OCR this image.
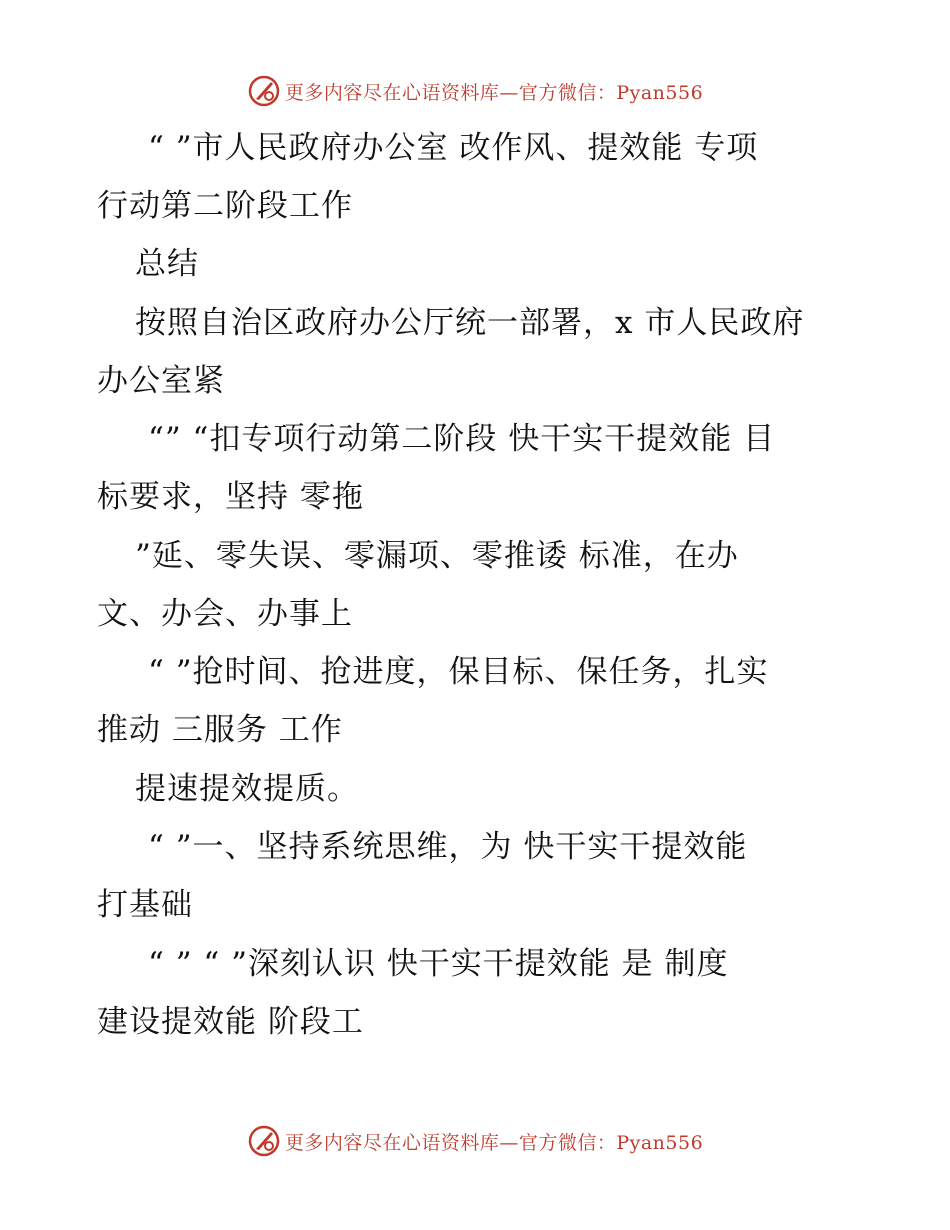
更多内容尽在心语资料库—官方微信：Pyan556
“ ”市人民政府办公室 改作风、提效能 专项
行动第二阶段工作
总结
按照自治区政府办公厅统一部署，x 市人民政府
办公室紧
“” “扣专项行动第二阶段 快干实干提效能 目
标要求，坚持 零拖
”延、零失误、零漏项、零推诿 标准，在办
文、办会、办事上
“ ”抢时间、抢进度，保目标、保任务，扎实
推动 三服务 工作
提速提效提质。
“ ”一、坚持系统思维，为 快干实干提效能
打基础
“ ” “ ”深刻认识 快干实干提效能 是 制度
建设提效能 阶段工
更多内容尽在心语资料库—官方微信：Pyan556
